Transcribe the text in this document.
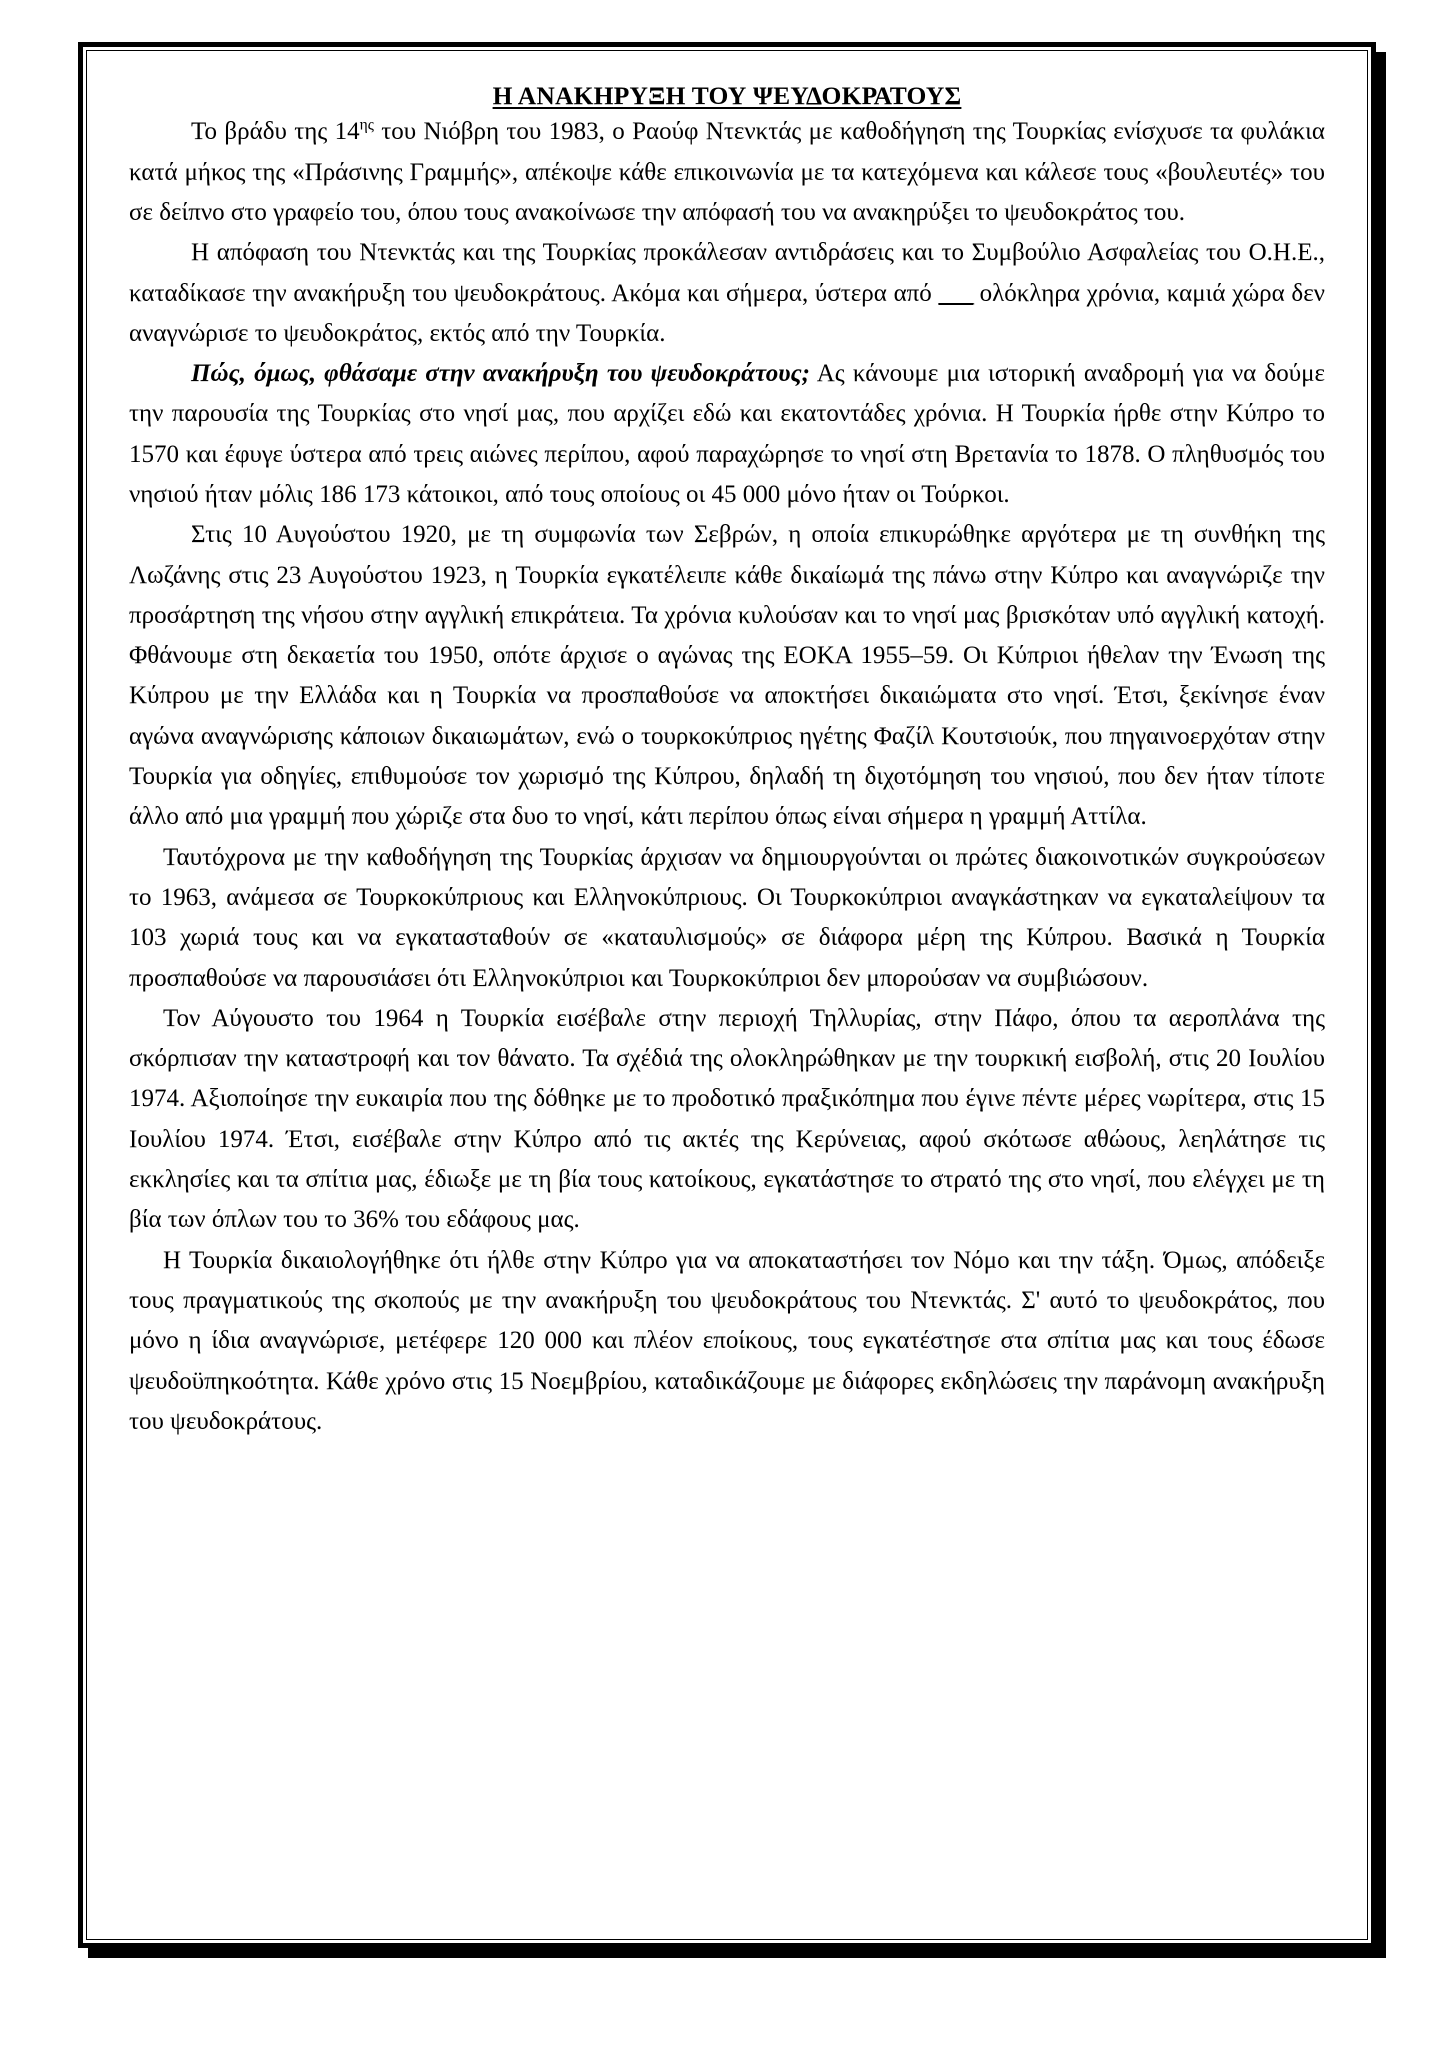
Η ΑΝΑΚΗΡΥΞΗ ΤΟΥ ΨΕΥΔΟΚΡΑΤΟΥΣ

Το βράδυ της $14^{\eta\varsigma}$ του Νιόβρη του 1983, ο Ραούφ Ντενκτάς με καθοδήγηση της Τουρκίας ενίσχυσε τα φυλάκια κατά μήκος της «Πράσινης Γραμμής», απέκοψε κάθε επικοινωνία με τα κατεχόμενα και κάλεσε τους «βουλευτές» του σε δείπνο στο γραφείο του, όπου τους ανακοίνωσε την απόφασή του να ανακηρύξει το ψευδοκράτος του.

Η απόφαση του Ντενκτάς και της Τουρκίας προκάλεσαν αντιδράσεις και το Συμβούλιο Ασφαλείας του Ο.Η.Ε., καταδίκασε την ανακήρυξη του ψευδοκράτους. Ακόμα και σήμερα, ύστερα από ___ ολόκληρα χρόνια, καμιά χώρα δεν αναγνώρισε το ψευδοκράτος, εκτός από την Τουρκία.

Πώς, όμως, φθάσαμε στην ανακήρυξη του ψευδοκράτους; Ας κάνουμε μια ιστορική αναδρομή για να δούμε την παρουσία της Τουρκίας στο νησί μας, που αρχίζει εδώ και εκατοντάδες χρόνια. Η Τουρκία ήρθε στην Κύπρο το 1570 και έφυγε ύστερα από τρεις αιώνες περίπου, αφού παραχώρησε το νησί στη Βρετανία το 1878. Ο πληθυσμός του νησιού ήταν μόλις 186 173 κάτοικοι, από τους οποίους οι 45 000 μόνο ήταν οι Τούρκοι.

Στις 10 Αυγούστου 1920, με τη συμφωνία των Σεβρών, η οποία επικυρώθηκε αργότερα με τη συνθήκη της Λωζάνης στις 23 Αυγούστου 1923, η Τουρκία εγκατέλειπε κάθε δικαίωμά της πάνω στην Κύπρο και αναγνώριζε την προσάρτηση της νήσου στην αγγλική επικράτεια. Τα χρόνια κυλούσαν και το νησί μας βρισκόταν υπό αγγλική κατοχή. Φθάνουμε στη δεκαετία του 1950, οπότε άρχισε ο αγώνας της ΕΟΚΑ 1955–59. Οι Κύπριοι ήθελαν την Ένωση της Κύπρου με την Ελλάδα και η Τουρκία να προσπαθούσε να αποκτήσει δικαιώματα στο νησί. Έτσι, ξεκίνησε έναν αγώνα αναγνώρισης κάποιων δικαιωμάτων, ενώ ο τουρκοκύπριος ηγέτης Φαζίλ Κουτσιούκ, που πηγαινοερχόταν στην Τουρκία για οδηγίες, επιθυμούσε τον χωρισμό της Κύπρου, δηλαδή τη διχοτόμηση του νησιού, που δεν ήταν τίποτε άλλο από μια γραμμή που χώριζε στα δυο το νησί, κάτι περίπου όπως είναι σήμερα η γραμμή Αττίλα.

Ταυτόχρονα με την καθοδήγηση της Τουρκίας άρχισαν να δημιουργούνται οι πρώτες διακοινοτικών συγκρούσεων το 1963, ανάμεσα σε Τουρκοκύπριους και Ελληνοκύπριους. Οι Τουρκοκύπριοι αναγκάστηκαν να εγκαταλείψουν τα 103 χωριά τους και να εγκατασταθούν σε «καταυλισμούς» σε διάφορα μέρη της Κύπρου. Βασικά η Τουρκία προσπαθούσε να παρουσιάσει ότι Ελληνοκύπριοι και Τουρκοκύπριοι δεν μπορούσαν να συμβιώσουν.

Τον Αύγουστο του 1964 η Τουρκία εισέβαλε στην περιοχή Τηλλυρίας, στην Πάφο, όπου τα αεροπλάνα της σκόρπισαν την καταστροφή και τον θάνατο. Τα σχέδιά της ολοκληρώθηκαν με την τουρκική εισβολή, στις 20 Ιουλίου 1974. Αξιοποίησε την ευκαιρία που της δόθηκε με το προδοτικό πραξικόπημα που έγινε πέντε μέρες νωρίτερα, στις 15 Ιουλίου 1974. Έτσι, εισέβαλε στην Κύπρο από τις ακτές της Κερύνειας, αφού σκότωσε αθώους, λεηλάτησε τις εκκλησίες και τα σπίτια μας, έδιωξε με τη βία τους κατοίκους, εγκατάστησε το στρατό της στο νησί, που ελέγχει με τη βία των όπλων του το 36% του εδάφους μας.

Η Τουρκία δικαιολογήθηκε ότι ήλθε στην Κύπρο για να αποκαταστήσει τον Νόμο και την τάξη. Όμως, απόδειξε τους πραγματικούς της σκοπούς με την ανακήρυξη του ψευδοκράτους του Ντενκτάς. Σ' αυτό το ψευδοκράτος, που μόνο η ίδια αναγνώρισε, μετέφερε 120 000 και πλέον εποίκους, τους εγκατέστησε στα σπίτια μας και τους έδωσε ψευδοϋπηκοότητα. Κάθε χρόνο στις 15 Νοεμβρίου, καταδικάζουμε με διάφορες εκδηλώσεις την παράνομη ανακήρυξη του ψευδοκράτους.
